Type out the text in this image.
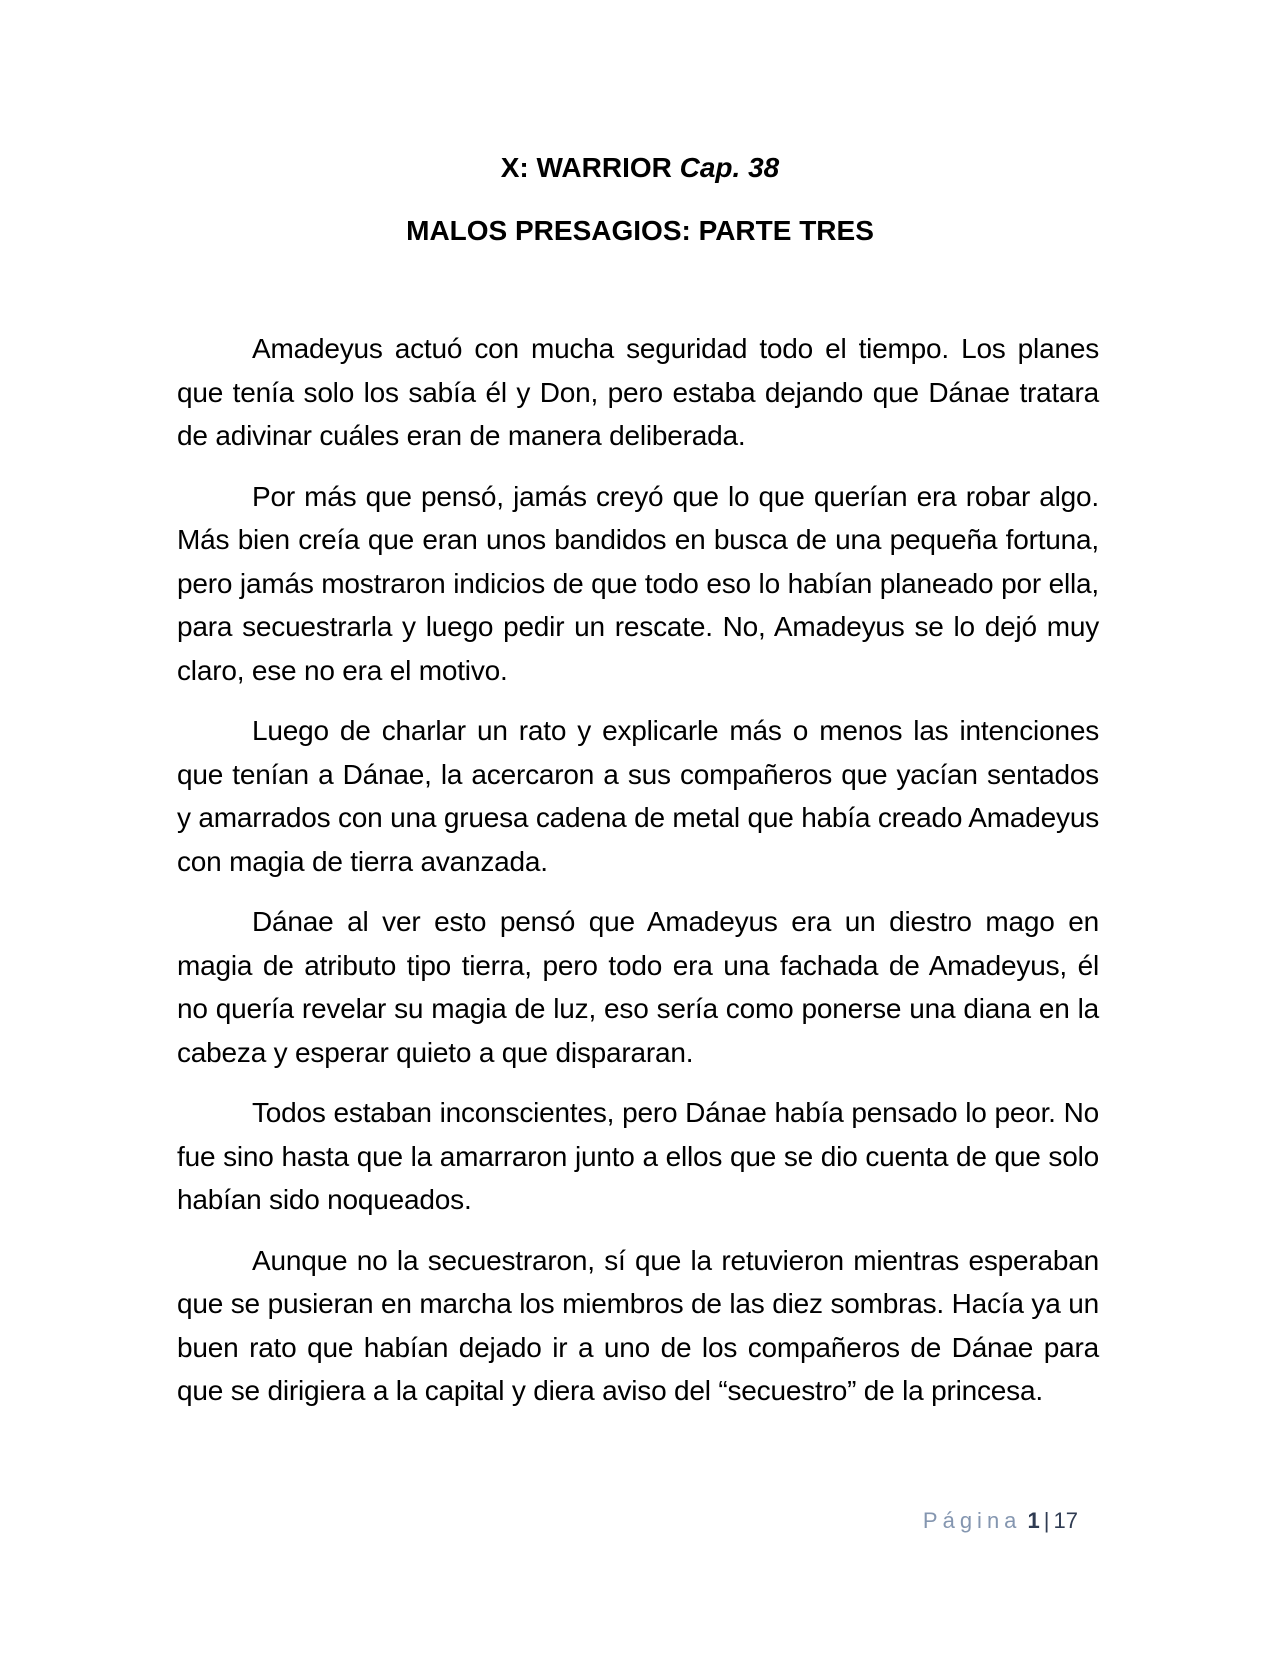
X: WARRIOR Cap. 38
MALOS PRESAGIOS: PARTE TRES

Amadeyus actuó con mucha seguridad todo el tiempo. Los planes que tenía solo los sabía él y Don, pero estaba dejando que Dánae tratara de adivinar cuáles eran de manera deliberada.

Por más que pensó, jamás creyó que lo que querían era robar algo. Más bien creía que eran unos bandidos en busca de una pequeña fortuna, pero jamás mostraron indicios de que todo eso lo habían planeado por ella, para secuestrarla y luego pedir un rescate. No, Amadeyus se lo dejó muy claro, ese no era el motivo.

Luego de charlar un rato y explicarle más o menos las intenciones que tenían a Dánae, la acercaron a sus compañeros que yacían sentados y amarrados con una gruesa cadena de metal que había creado Amadeyus con magia de tierra avanzada.

Dánae al ver esto pensó que Amadeyus era un diestro mago en magia de atributo tipo tierra, pero todo era una fachada de Amadeyus, él no quería revelar su magia de luz, eso sería como ponerse una diana en la cabeza y esperar quieto a que dispararan.

Todos estaban inconscientes, pero Dánae había pensado lo peor. No fue sino hasta que la amarraron junto a ellos que se dio cuenta de que solo habían sido noqueados.

Aunque no la secuestraron, sí que la retuvieron mientras esperaban que se pusieran en marcha los miembros de las diez sombras. Hacía ya un buen rato que habían dejado ir a uno de los compañeros de Dánae para que se dirigiera a la capital y diera aviso del “secuestro” de la princesa.

Página 1 | 17
